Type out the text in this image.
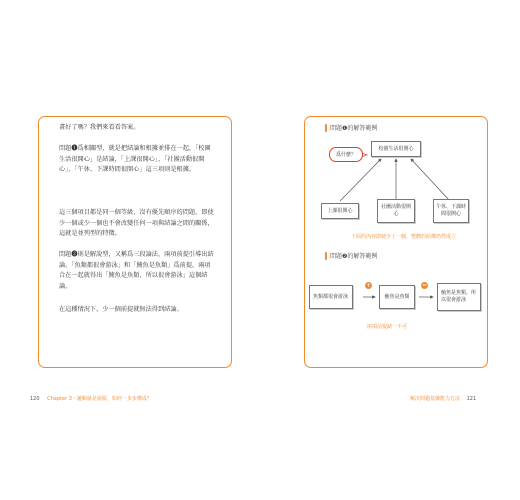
畫好了嗎？我們來看看答案。
問題❶爲相關型，就是把結論和根據並排在一起，「校園生活很開心」是結論，「上課很開心」、「社團活動很開心」、「午休、下課時間很開心」這三項則是根據。
這三個項目都是同一個等級，沒有優先順序的問題，即使少一個或少一個也不會改變任何一項與結論之間的關係，這就是並列型的特徵。
問題❷則是解說型，又稱爲三段論法，兩項前提引導出結論。「魚類都很會游泳」和「鮪魚是魚類」爲前提，兩項合在一起就得出「鮪魚是魚類，所以很會游泳」這個結論。
在這種情況下，少一個前提就無法得到結論。
120 Chapter 3・邏輯就是說服，如何一步步構成？
問題❶的解答範例
校園生活很開心
爲什麼？
上課很開心
社團活動很開心
午休、下課時間很開心
下面的內容即使少了一個，整體的結構仍然成立
問題❷的解答範例
魚類都很會游泳
+
鮪魚是魚類
=
鮪魚是魚類，所以很會游泳
兩項前提缺一不可
解決問題基盤能力方法 121
